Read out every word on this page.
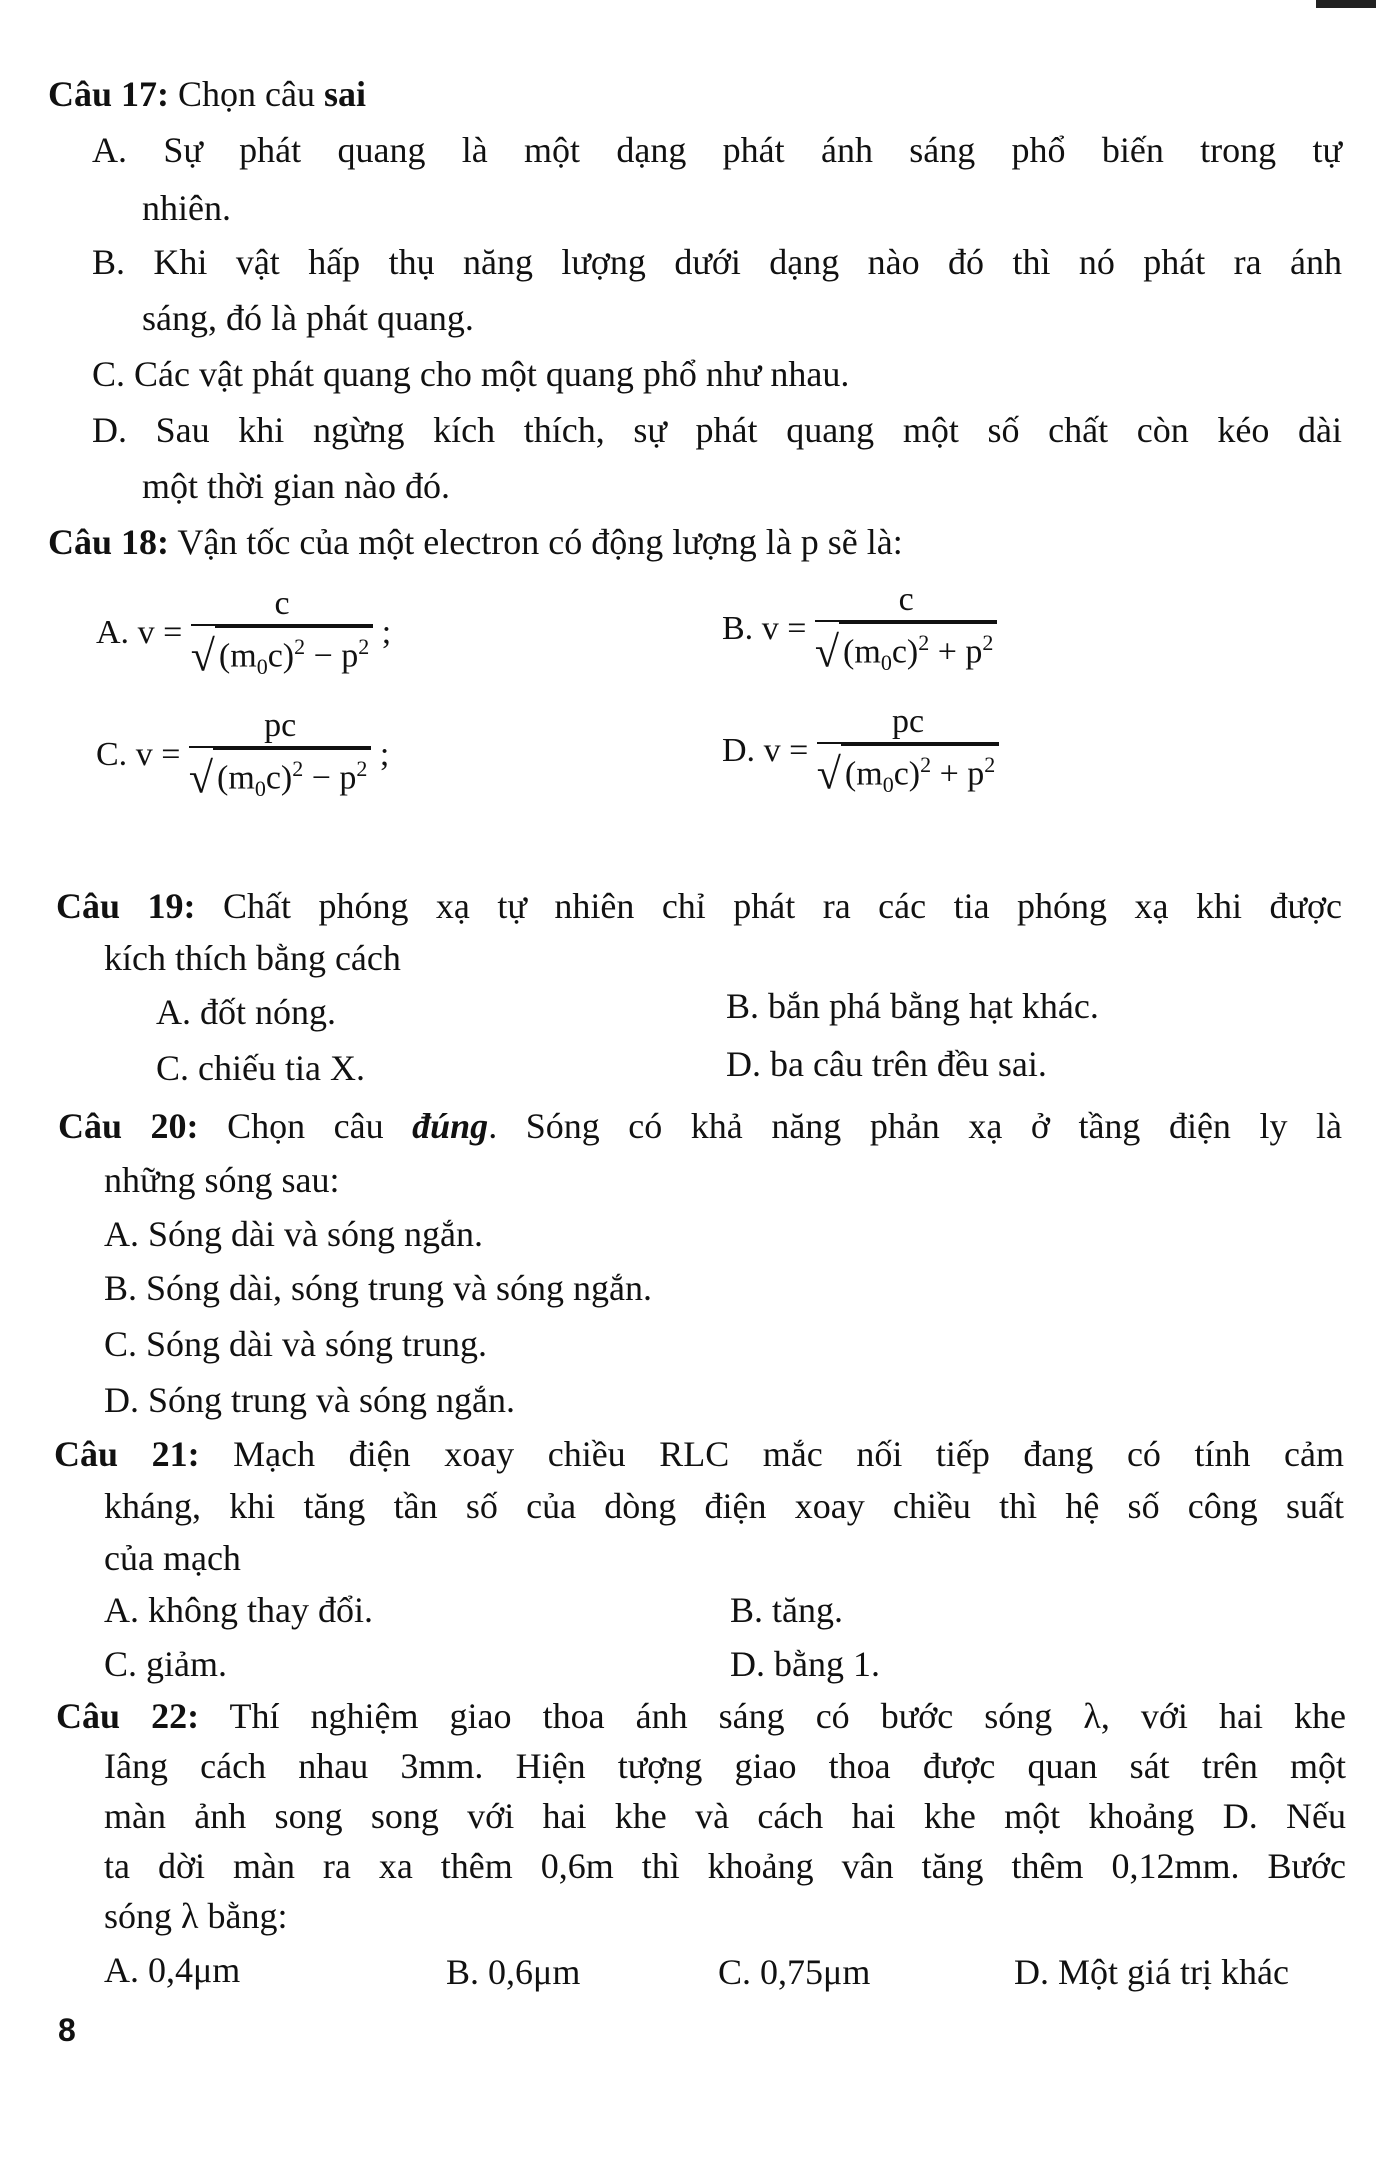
Câu 17: Chọn câu sai
A. Sự phát quang là một dạng phát ánh sáng phổ biến trong tự
nhiên.
B. Khi vật hấp thụ năng lượng dưới dạng nào đó thì nó phát ra ánh
sáng, đó là phát quang.
C. Các vật phát quang cho một quang phổ như nhau.
D. Sau khi ngừng kích thích, sự phát quang một số chất còn kéo dài
một thời gian nào đó.
Câu 18: Vận tốc của một electron có động lượng là p sẽ là:
A. $v = \frac{c}{√ (m_0c)^2 - p^2}$ ;	B. $v = \frac{c}{√ (m_0c)^2 + p^2}$
C. $v = \frac{pc}{√ (m_0c)^2 - p^2}$ ;	D. $v = \frac{pc}{√ (m_0c)^2 + p^2}$
Câu 19: Chất phóng xạ tự nhiên chỉ phát ra các tia phóng xạ khi được
kích thích bằng cách
A. đốt nóng.	B. bắn phá bằng hạt khác.
C. chiếu tia X.	D. ba câu trên đều sai.
Câu 20: Chọn câu đúng. Sóng có khả năng phản xạ ở tầng điện ly là
những sóng sau:
A. Sóng dài và sóng ngắn.
B. Sóng dài, sóng trung và sóng ngắn.
C. Sóng dài và sóng trung.
D. Sóng trung và sóng ngắn.
Câu 21: Mạch điện xoay chiều RLC mắc nối tiếp đang có tính cảm
kháng, khi tăng tần số của dòng điện xoay chiều thì hệ số công suất
của mạch
A. không thay đổi.	B. tăng.
C. giảm.	D. bằng 1.
Câu 22: Thí nghiệm giao thoa ánh sáng có bước sóng λ, với hai khe
Iâng cách nhau 3mm. Hiện tượng giao thoa được quan sát trên một
màn ảnh song song với hai khe và cách hai khe một khoảng D. Nếu
ta dời màn ra xa thêm 0,6m thì khoảng vân tăng thêm 0,12mm. Bước
sóng λ bằng:
A. 0,4μm	B. 0,6μm	C. 0,75μm	D. Một giá trị khác
8
